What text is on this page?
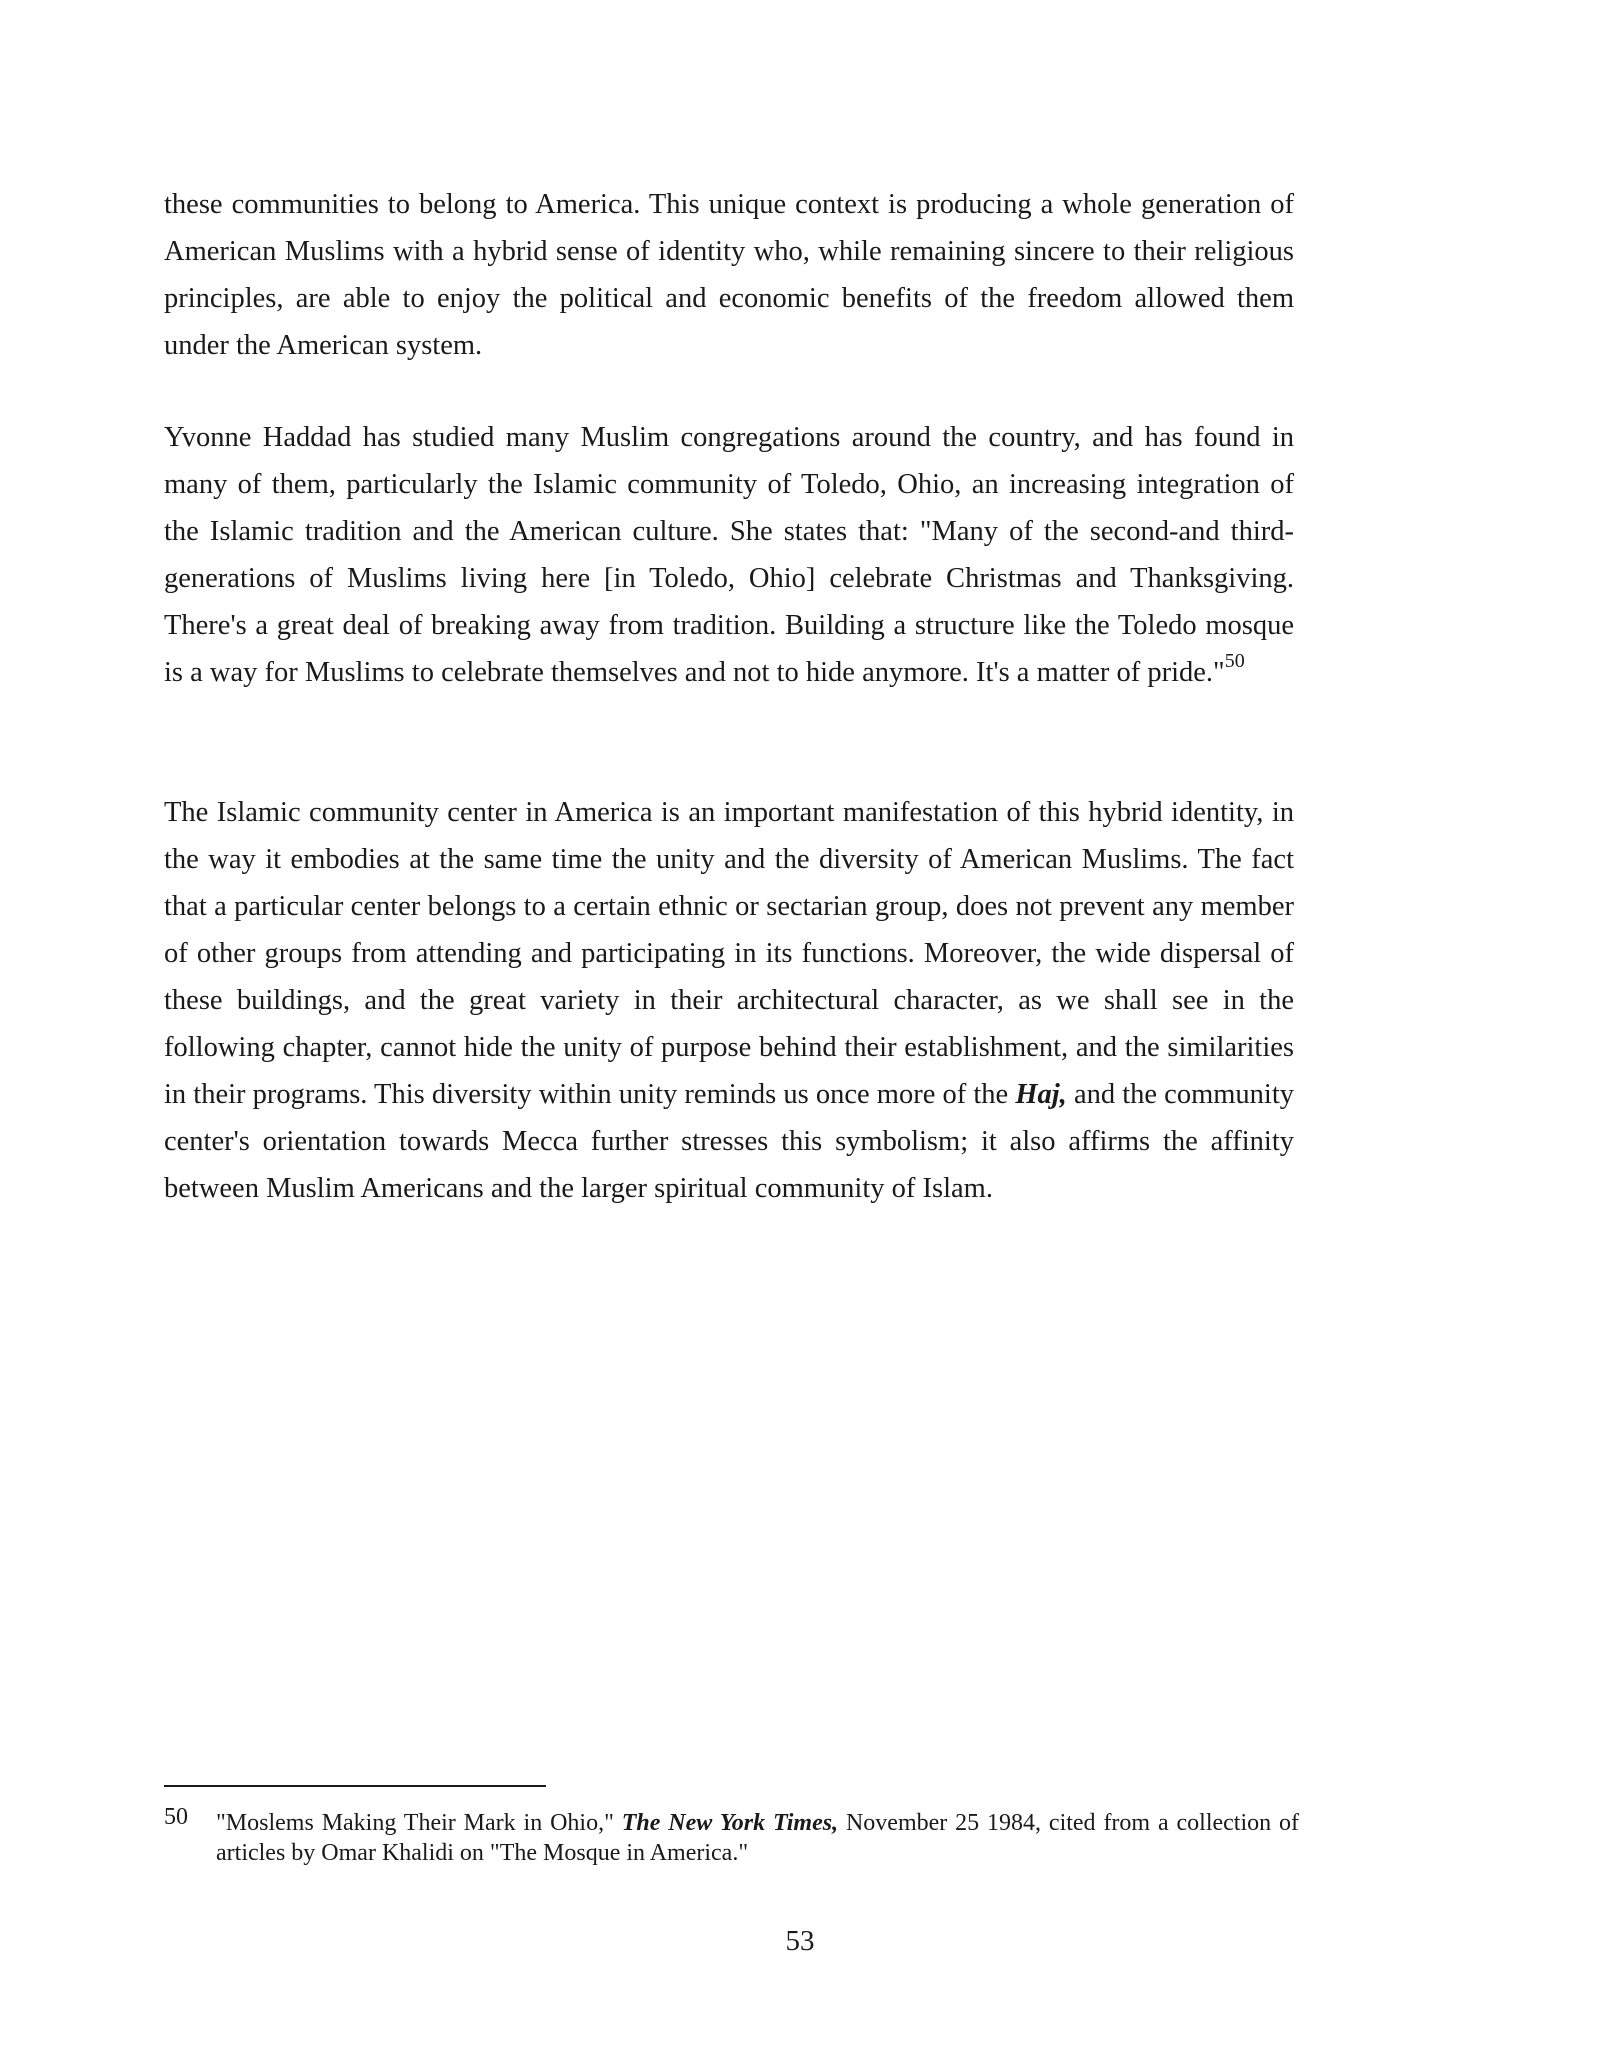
these communities to belong to America. This unique context is producing a whole generation of American Muslims with a hybrid sense of identity who, while remaining sincere to their religious principles, are able to enjoy the political and economic benefits of the freedom allowed them under the American system.

Yvonne Haddad has studied many Muslim congregations around the country, and has found in many of them, particularly the Islamic community of Toledo, Ohio, an increasing integration of the Islamic tradition and the American culture. She states that: "Many of the second-and third-generations of Muslims living here [in Toledo, Ohio] celebrate Christmas and Thanksgiving. There's a great deal of breaking away from tradition. Building a structure like the Toledo mosque is a way for Muslims to celebrate themselves and not to hide anymore. It's a matter of pride."$^{50}$

The Islamic community center in America is an important manifestation of this hybrid identity, in the way it embodies at the same time the unity and the diversity of American Muslims. The fact that a particular center belongs to a certain ethnic or sectarian group, does not prevent any member of other groups from attending and participating in its functions. Moreover, the wide dispersal of these buildings, and the great variety in their architectural character, as we shall see in the following chapter, cannot hide the unity of purpose behind their establishment, and the similarities in their programs. This diversity within unity reminds us once more of the Haj, and the community center's orientation towards Mecca further stresses this symbolism; it also affirms the affinity between Muslim Americans and the larger spiritual community of Islam.

50 "Moslems Making Their Mark in Ohio," The New York Times, November 25 1984, cited from a collection of articles by Omar Khalidi on "The Mosque in America."
53
